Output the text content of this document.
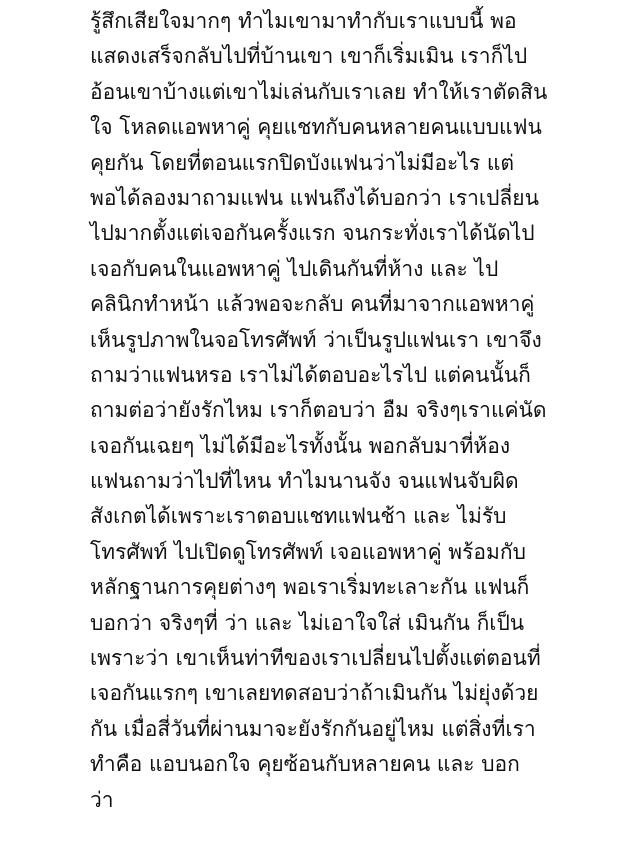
รู้สึกเสียใจมากๆ ทำไมเขามาทำกับเราแบบนี้ พอ
แสดงเสร็จกลับไปที่บ้านเขา เขาก็เริ่มเมิน เราก็ไป
อ้อนเขาบ้างแต่เขาไม่เล่นกับเราเลย ทำให้เราตัดสิน
ใจ โหลดแอพหาคู่ คุยแชทกับคนหลายคนแบบแฟน
คุยกัน โดยที่ตอนแรกปิดบังแฟนว่าไม่มีอะไร แต่
พอได้ลองมาถามแฟน แฟนถึงได้บอกว่า เราเปลี่ยน
ไปมากตั้งแต่เจอกันครั้งแรก จนกระทั่งเราได้นัดไป
เจอกับคนในแอพหาคู่ ไปเดินกันที่ห้าง และ ไป
คลินิกทำหน้า แล้วพอจะกลับ คนที่มาจากแอพหาคู่
เห็นรูปภาพในจอโทรศัพท์ ว่าเป็นรูปแฟนเรา เขาจึง
ถามว่าแฟนหรอ เราไม่ได้ตอบอะไรไป แต่คนนั้นก็
ถามต่อว่ายังรักไหม เราก็ตอบว่า อืม จริงๆเราแค่นัด
เจอกันเฉยๆ ไม่ได้มีอะไรทั้งนั้น พอกลับมาที่ห้อง
แฟนถามว่าไปที่ไหน ทำไมนานจัง จนแฟนจับผิด
สังเกตได้เพราะเราตอบแชทแฟนช้า และ ไม่รับ
โทรศัพท์ ไปเปิดดูโทรศัพท์ เจอแอพหาคู่ พร้อมกับ
หลักฐานการคุยต่างๆ พอเราเริ่มทะเลาะกัน แฟนก็
บอกว่า จริงๆที่ ว่า และ ไม่เอาใจใส่ เมินกัน ก็เป็น
เพราะว่า เขาเห็นท่าทีของเราเปลี่ยนไปตั้งแต่ตอนที่
เจอกันแรกๆ เขาเลยทดสอบว่าถ้าเมินกัน ไม่ยุ่งด้วย
กัน เมื่อสี่วันที่ผ่านมาจะยังรักกันอยู่ไหม แต่สิ่งที่เรา
ทำคือ แอบนอกใจ คุยซ้อนกับหลายคน และ บอก
ว่า
